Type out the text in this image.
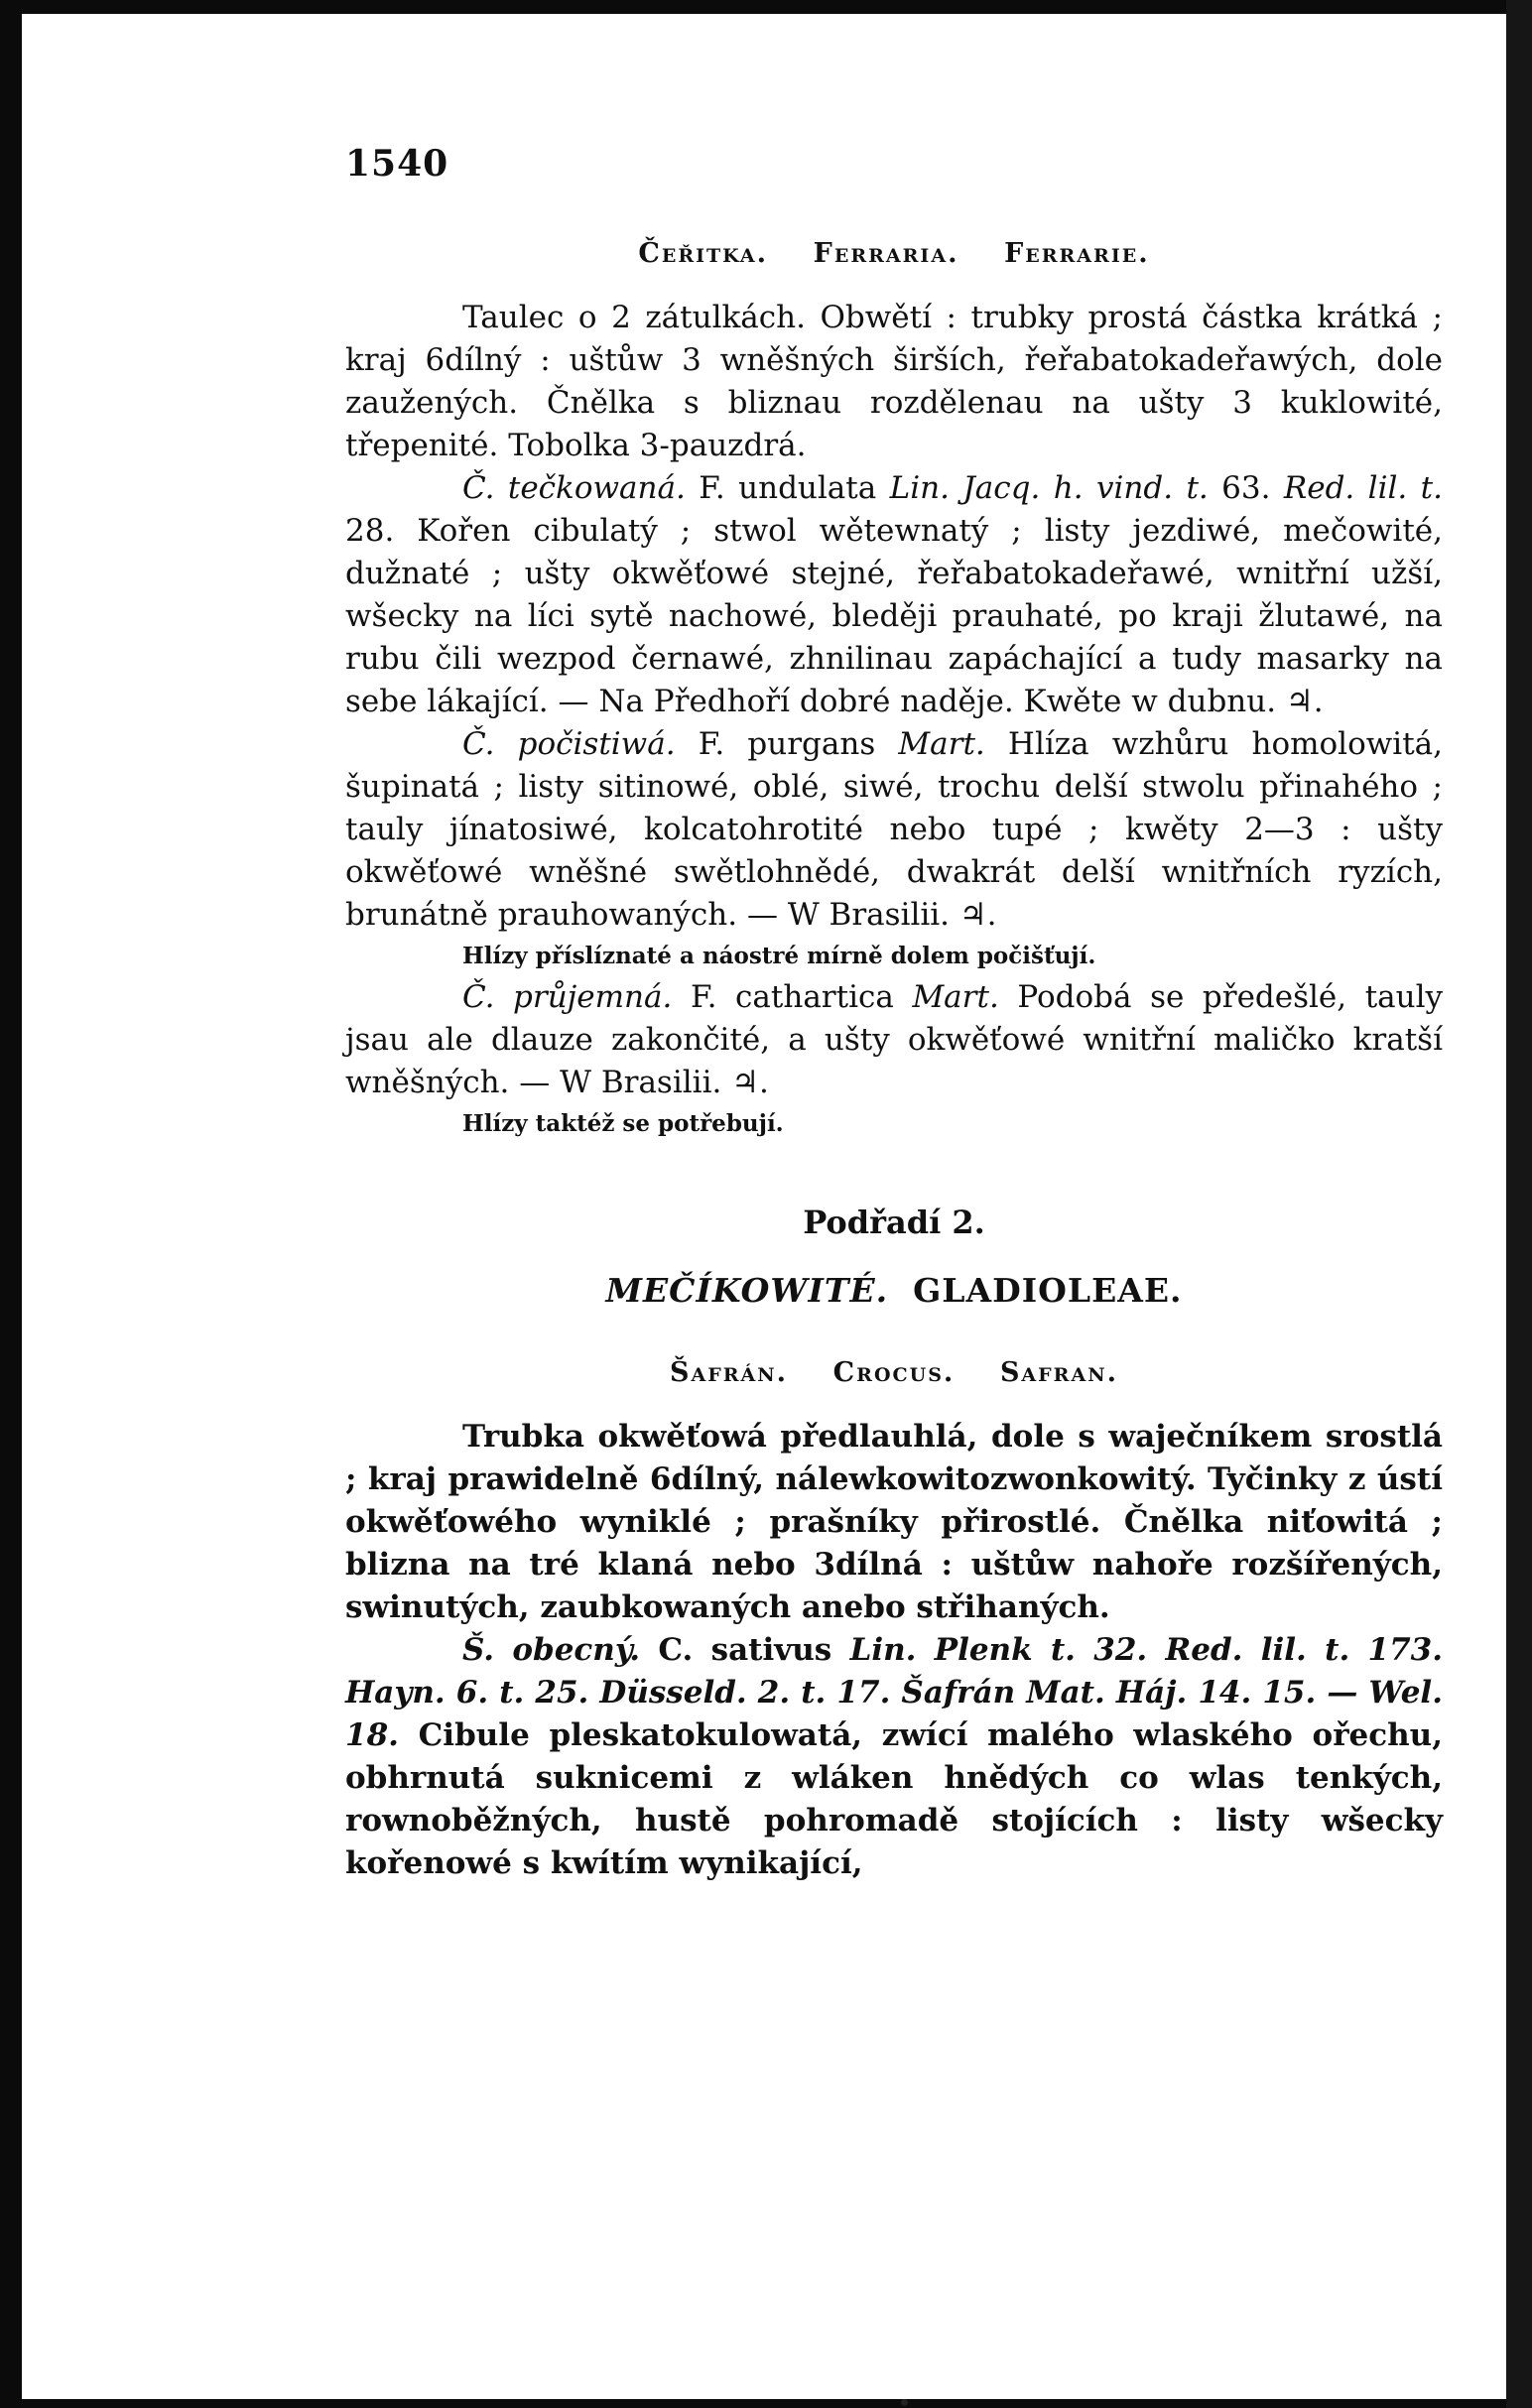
1540
Čeřitka. Ferraria. Ferrarie.

Taulec o 2 zátulkách. Obwětí : trubky prostá částka krátká ; kraj 6dílný : uštůw 3 wněšných širších, řeřabatokadeřawých, dole zaužených. Čnělka s bliznau rozdělenau na ušty 3 kuklowité, třepenité. Tobolka 3-pauzdrá.

Č. tečkowaná. F. undulata Lin. Jacq. h. vind. t. 63. Red. lil. t. 28. Kořen cibulatý ; stwol wětewnatý ; listy jezdiwé, mečowité, dužnaté ; ušty okwěťowé stejné, řeřabatokadeřawé, wnitřní užší, wšecky na líci sytě nachowé, bleději prauhaté, po kraji žlutawé, na rubu čili wezpod černawé, zhnilinau zapáchající a tudy masarky na sebe lákající. — Na Předhoří dobré naděje. Kwěte w dubnu. ♃.

Č. počistiwá. F. purgans Mart. Hlíza wzhůru homolowitá, šupinatá ; listy sitinowé, oblé, siwé, trochu delší stwolu přinahého ; tauly jínatosiwé, kolcatohrotité nebo tupé ; kwěty 2—3 : ušty okwěťowé wněšné swětlohnědé, dwakrát delší wnitřních ryzích, brunátně prauhowaných. — W Brasilii. ♃.

Hlízy příslíznaté a náostré mírně dolem počišťují.

Č. průjemná. F. cathartica Mart. Podobá se předešlé, tauly jsau ale dlauze zakončité, a ušty okwěťowé wnitřní maličko kratší wněšných. — W Brasilii. ♃.

Hlízy taktéž se potřebují.

Podřadí 2.
MEČÍKOWITÉ. GLADIOLEAE.
Šafrán. Crocus. Safran.

Trubka okwěťowá předlauhlá, dole s waječníkem srostlá ; kraj prawidelně 6dílný, nálewkowitozwonkowitý. Tyčinky z ústí okwěťowého wyniklé ; prašníky přirostlé. Čnělka niťowitá ; blizna na tré klaná nebo 3dílná : uštůw nahoře rozšířených, swinutých, zaubkowaných anebo střihaných.

Š. obecný. C. sativus Lin. Plenk t. 32. Red. lil. t. 173. Hayn. 6. t. 25. Düsseld. 2. t. 17. Šafrán Mat. Háj. 14. 15. — Wel. 18. Cibule pleskatokulowatá, zwící malého wlaského ořechu, obhrnutá suknicemi z wláken hnědých co wlas tenkých, rownoběžných, hustě pohromadě stojících : listy wšecky kořenowé s kwítím wynikající,
